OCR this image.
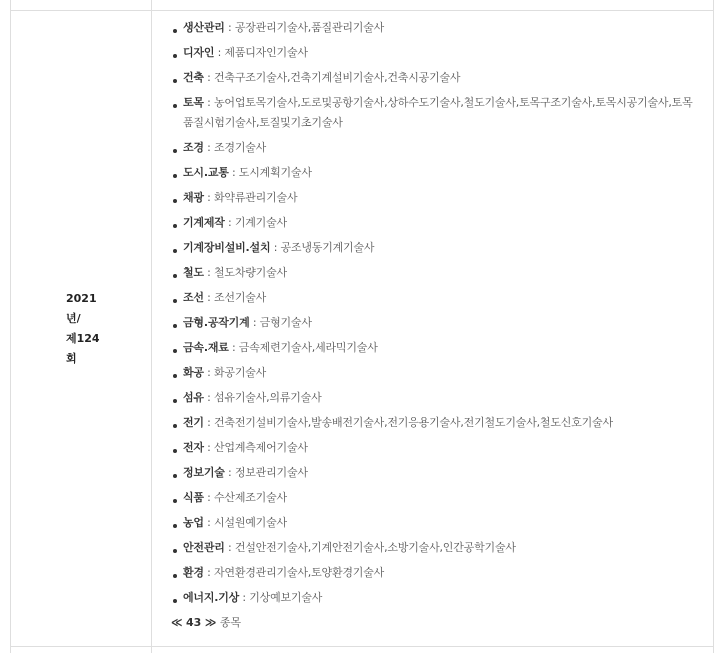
2021년/
제124회
생산관리 : 공장관리기술사,품질관리기술사
디자인 : 제품디자인기술사
건축 : 건축구조기술사,건축기계설비기술사,건축시공기술사
토목 : 농어업토목기술사,도로및공항기술사,상하수도기술사,철도기술사,토목구조기술사,토목시공기술사,토목품질시험기술사,토질및기초기술사
조경 : 조경기술사
도시.교통 : 도시계획기술사
채광 : 화약류관리기술사
기계제작 : 기계기술사
기계장비설비.설치 : 공조냉동기계기술사
철도 : 철도차량기술사
조선 : 조선기술사
금형.공작기계 : 금형기술사
금속.재료 : 금속제련기술사,세라믹기술사
화공 : 화공기술사
섬유 : 섬유기술사,의류기술사
전기 : 건축전기설비기술사,발송배전기술사,전기응용기술사,전기철도기술사,철도신호기술사
전자 : 산업계측제어기술사
정보기술 : 정보관리기술사
식품 : 수산제조기술사
농업 : 시설원예기술사
안전관리 : 건설안전기술사,기계안전기술사,소방기술사,인간공학기술사
환경 : 자연환경관리기술사,토양환경기술사
에너지.기상 : 기상예보기술사
≪ 43 ≫ 종목
